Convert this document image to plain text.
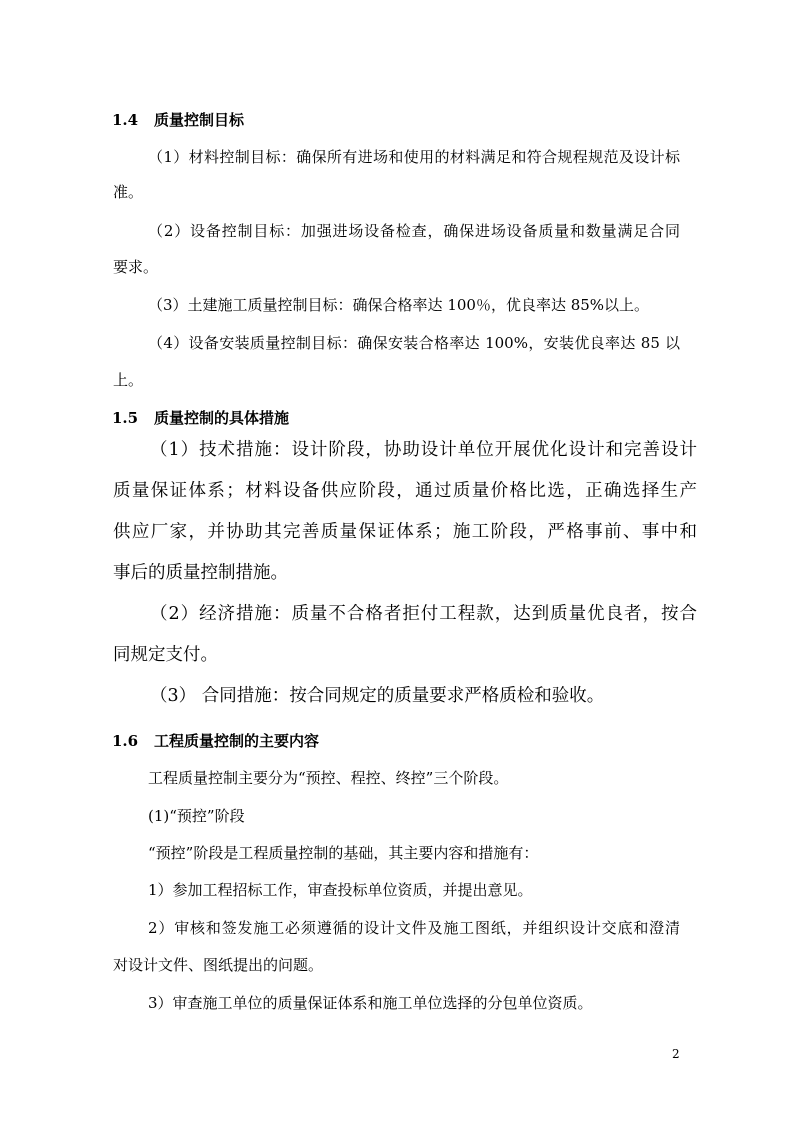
1.4 质量控制目标
（1）材料控制目标：确保所有进场和使用的材料满足和符合规程规范及设计标
准。
（2）设备控制目标：加强进场设备检查，确保进场设备质量和数量满足合同
要求。
（3）土建施工质量控制目标：确保合格率达 100％，优良率达 85%以上。
（4）设备安装质量控制目标：确保安装合格率达 100%，安装优良率达 85 以
上。
1.5 质量控制的具体措施
（1）技术措施：设计阶段，协助设计单位开展优化设计和完善设计
质量保证体系；材料设备供应阶段，通过质量价格比选，正确选择生产
供应厂家，并协助其完善质量保证体系；施工阶段，严格事前、事中和
事后的质量控制措施。
（2）经济措施：质量不合格者拒付工程款，达到质量优良者，按合
同规定支付。
（3） 合同措施：按合同规定的质量要求严格质检和验收。
1.6 工程质量控制的主要内容
工程质量控制主要分为“预控、程控、终控”三个阶段。
(1)“预控”阶段
“预控”阶段是工程质量控制的基础，其主要内容和措施有：
1）参加工程招标工作，审查投标单位资质，并提出意见。
2）审核和签发施工必须遵循的设计文件及施工图纸，并组织设计交底和澄清
对设计文件、图纸提出的问题。
3）审查施工单位的质量保证体系和施工单位选择的分包单位资质。
2
